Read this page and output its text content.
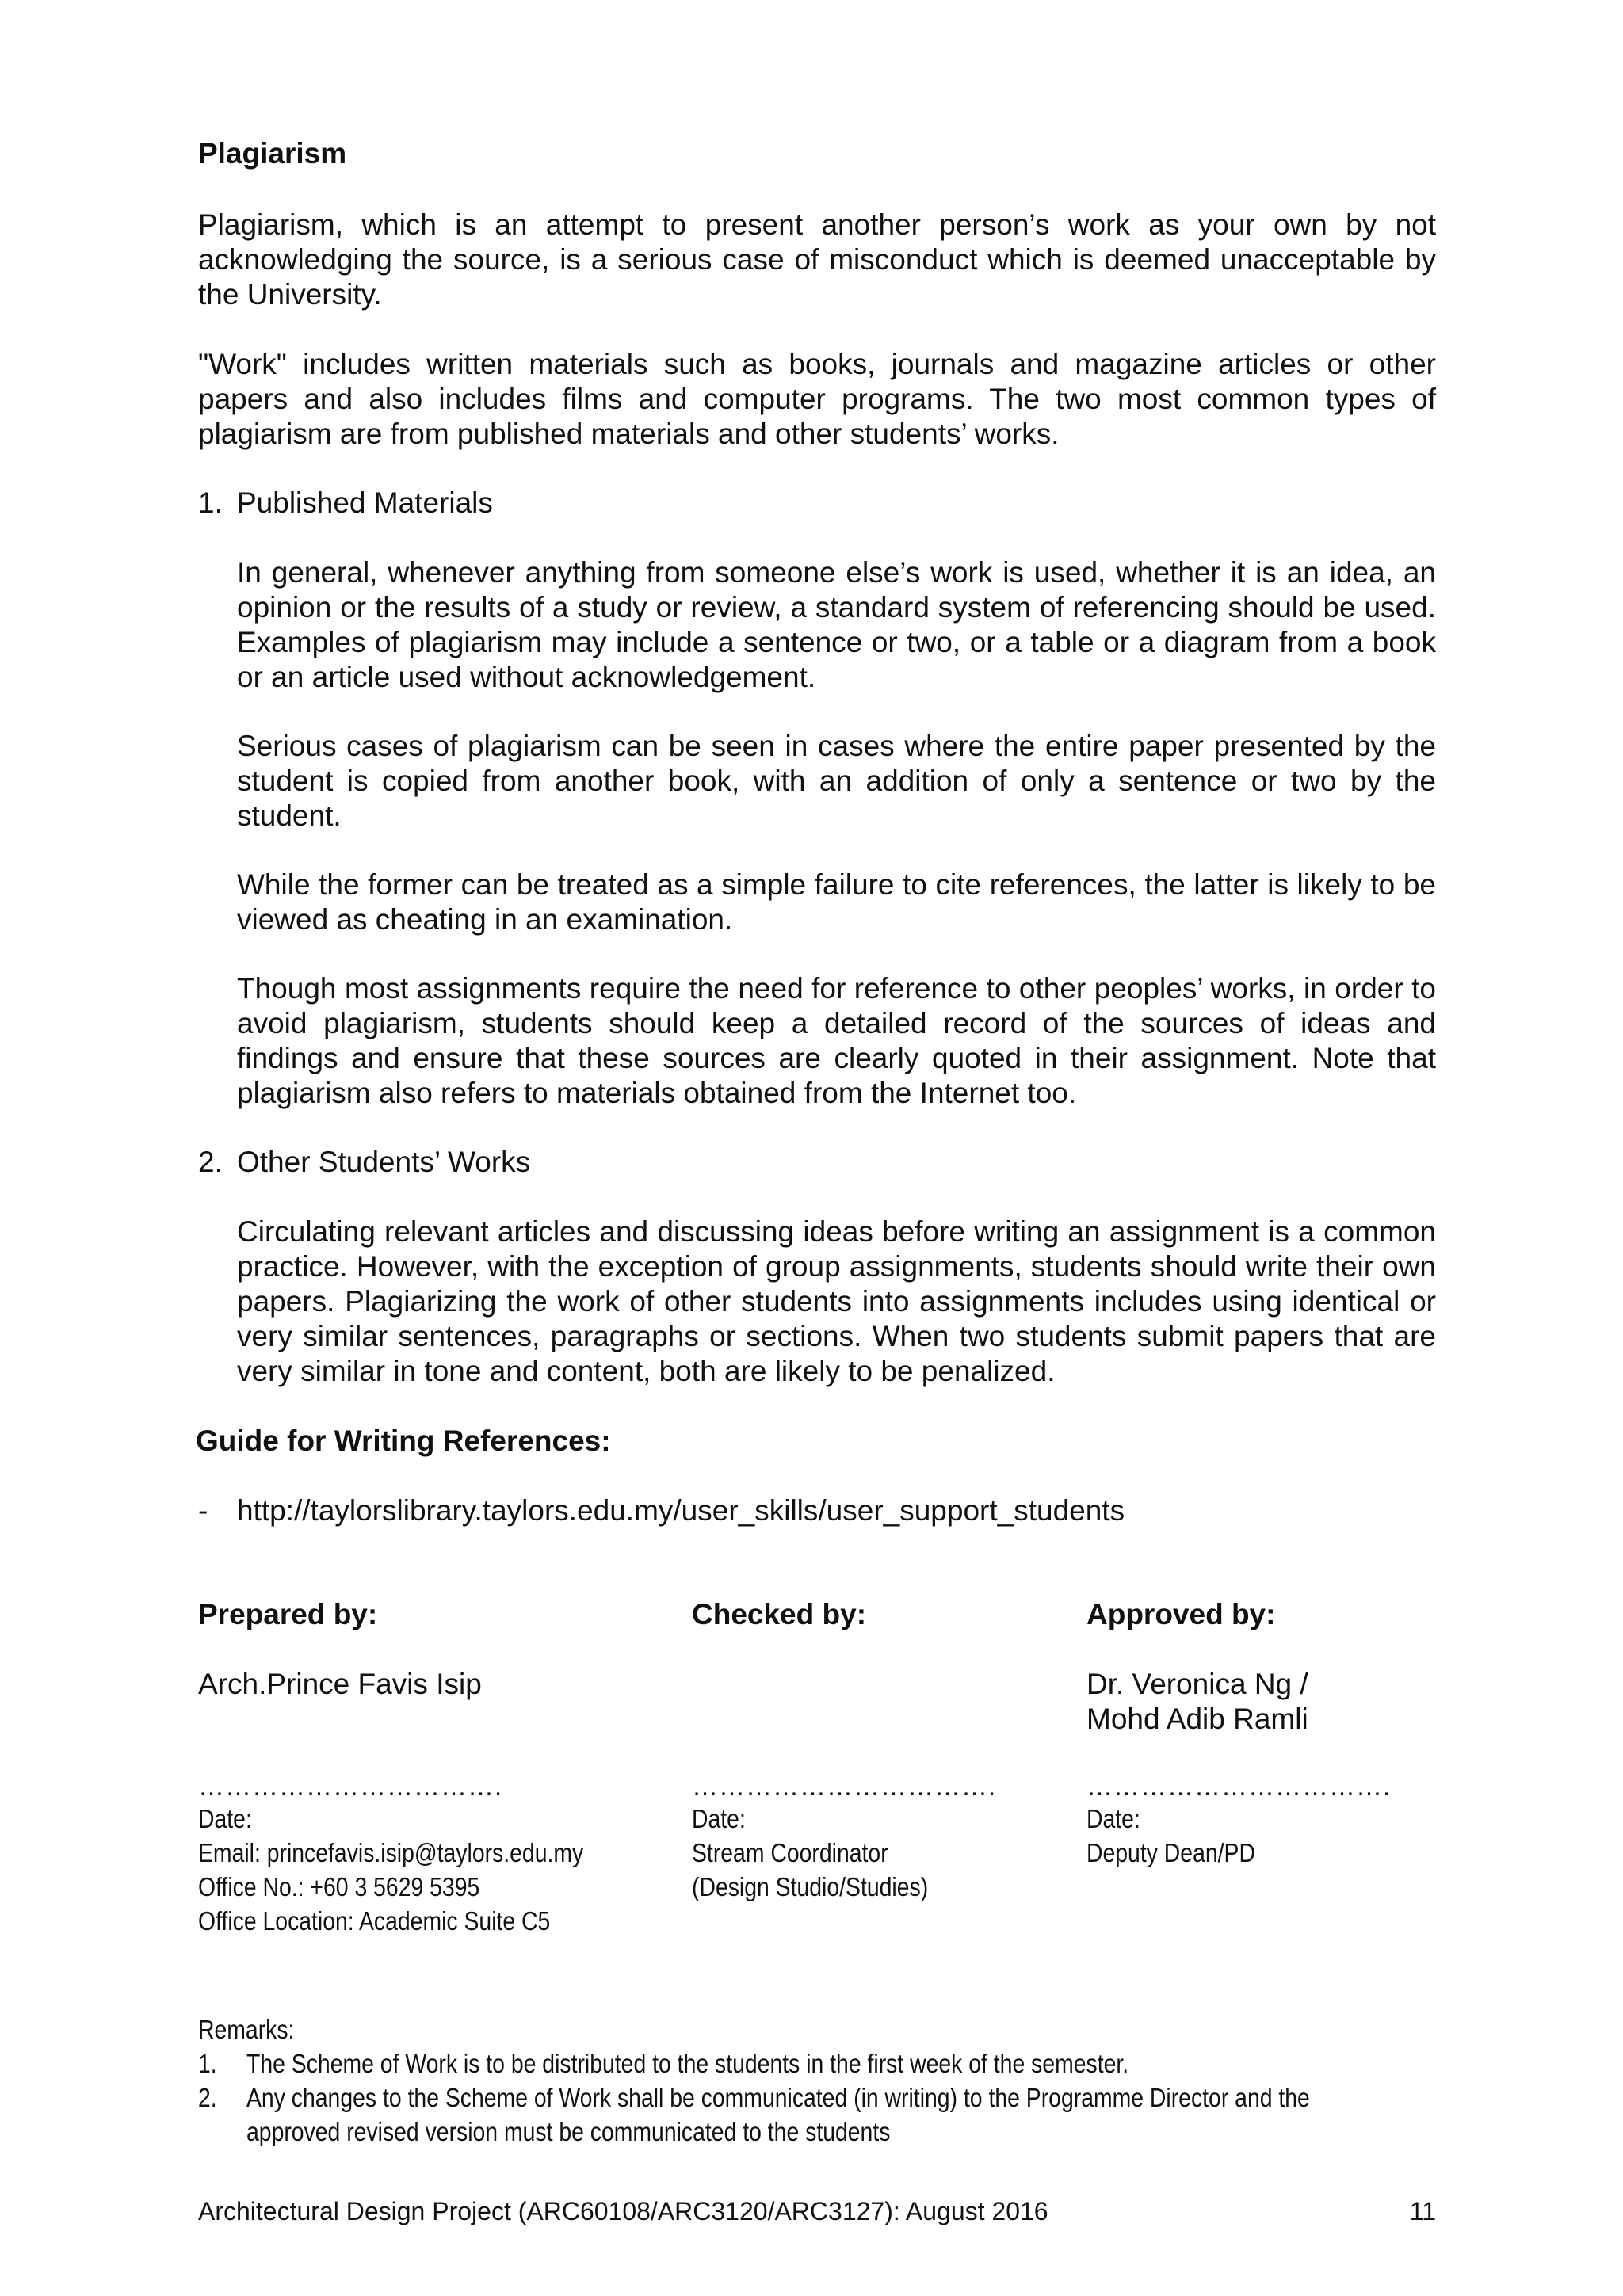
Plagiarism
Plagiarism, which is an attempt to present another person’s work as your own by not acknowledging the source, is a serious case of misconduct which is deemed unacceptable by the University.
"Work" includes written materials such as books, journals and magazine articles or other papers and also includes films and computer programs. The two most common types of plagiarism are from published materials and other students’ works.
1. Published Materials
In general, whenever anything from someone else’s work is used, whether it is an idea, an opinion or the results of a study or review, a standard system of referencing should be used. Examples of plagiarism may include a sentence or two, or a table or a diagram from a book or an article used without acknowledgement.
Serious cases of plagiarism can be seen in cases where the entire paper presented by the student is copied from another book, with an addition of only a sentence or two by the student.
While the former can be treated as a simple failure to cite references, the latter is likely to be viewed as cheating in an examination.
Though most assignments require the need for reference to other peoples’ works, in order to avoid plagiarism, students should keep a detailed record of the sources of ideas and findings and ensure that these sources are clearly quoted in their assignment. Note that plagiarism also refers to materials obtained from the Internet too.
2. Other Students’ Works
Circulating relevant articles and discussing ideas before writing an assignment is a common practice. However, with the exception of group assignments, students should write their own papers. Plagiarizing the work of other students into assignments includes using identical or very similar sentences, paragraphs or sections. When two students submit papers that are very similar in tone and content, both are likely to be penalized.
Guide for Writing References:
- http://taylorslibrary.taylors.edu.my/user_skills/user_support_students
Prepared by:
Arch.Prince Favis Isip
…………………………….
Date:
Email: princefavis.isip@taylors.edu.my
Office No.: +60 3 5629 5395
Office Location: Academic Suite C5
Checked by:
…………………………….
Date:
Stream Coordinator
(Design Studio/Studies)
Approved by:
Dr. Veronica Ng /
Mohd Adib Ramli
…………………………….
Date:
Deputy Dean/PD
Remarks:
1. The Scheme of Work is to be distributed to the students in the first week of the semester.
2. Any changes to the Scheme of Work shall be communicated (in writing) to the Programme Director and the
approved revised version must be communicated to the students
Architectural Design Project (ARC60108/ARC3120/ARC3127): August 2016	11
